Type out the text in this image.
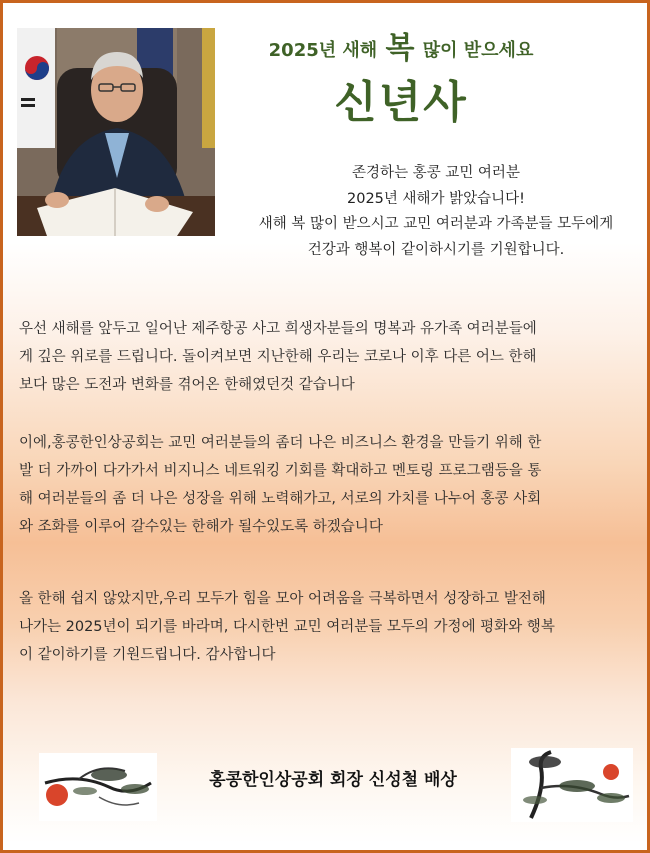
2025년 새해 복 많이 받으세요
신년사
존경하는 홍콩 교민 여러분
2025년 새해가 밝았습니다!
새해 복 많이 받으시고 교민 여러분과 가족분들 모두에게
건강과 행복이 같이하시기를 기원합니다.
우선 새해를 앞두고 일어난 제주항공 사고 희생자분들의 명복과 유가족 여러분들에
게 깊은 위로를 드립니다. 돌이켜보면 지난한해 우리는 코로나 이후 다른 어느 한해
보다 많은 도전과 변화를 겪어온 한해였던것 같습니다
이에,홍콩한인상공회는 교민 여러분들의 좀더 나은 비즈니스 환경을 만들기 위해 한
발 더 가까이 다가가서 비지니스 네트워킹 기회를 확대하고 멘토링 프로그램등을 통
해 여러분들의 좀 더 나은 성장을 위해 노력해가고, 서로의 가치를 나누어 홍콩 사회
와 조화를 이루어 갈수있는 한해가 될수있도록 하겠습니다
올 한해 쉽지 않았지만,우리 모두가 힘을 모아 어려움을 극복하면서 성장하고 발전해
나가는 2025년이 되기를 바라며, 다시한번 교민 여러분들 모두의 가정에 평화와 행복
이 같이하기를 기원드립니다. 감사합니다
홍콩한인상공회 회장 신성철 배상
